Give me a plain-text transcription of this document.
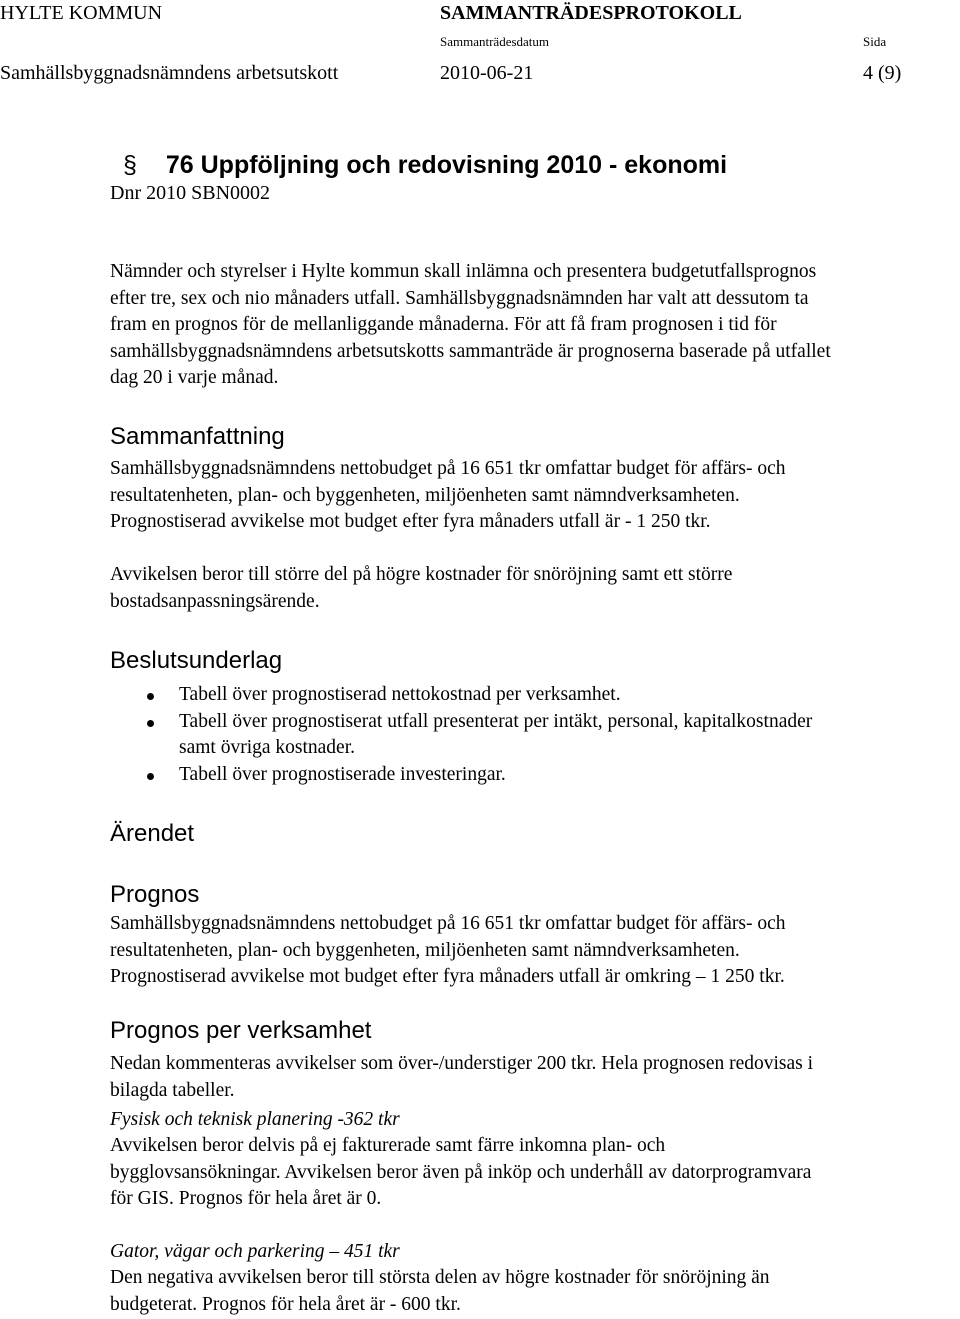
HYLTE KOMMUN	SAMMANTRÄDESPROTOKOLL
Sammanträdesdatum	Sida
Samhällsbyggnadsnämndens arbetsutskott	2010-06-21	4 (9)
§ 76 Uppföljning och redovisning 2010 - ekonomi
Dnr 2010 SBN0002

Nämnder och styrelser i Hylte kommun skall inlämna och presentera budgetutfallsprognos

efter tre, sex och nio månaders utfall. Samhällsbyggnadsnämnden har valt att dessutom ta

fram en prognos för de mellanliggande månaderna. För att få fram prognosen i tid för

samhällsbyggnadsnämndens arbetsutskotts sammanträde är prognoserna baserade på utfallet

dag 20 i varje månad.

Sammanfattning

Samhällsbyggnadsnämndens nettobudget på 16 651 tkr omfattar budget för affärs- och

resultatenheten, plan- och byggenheten, miljöenheten samt nämndverksamheten.

Prognostiserad avvikelse mot budget efter fyra månaders utfall är - 1 250 tkr.

Avvikelsen beror till större del på högre kostnader för snöröjning samt ett större

bostadsanpassningsärende.

Beslutsunderlag
Tabell över prognostiserad nettokostnad per verksamhet.
Tabell över prognostiserat utfall presenterat per intäkt, personal, kapitalkostnader
samt övriga kostnader.
Tabell över prognostiserade investeringar.
Ärendet
Prognos

Samhällsbyggnadsnämndens nettobudget på 16 651 tkr omfattar budget för affärs- och

resultatenheten, plan- och byggenheten, miljöenheten samt nämndverksamheten.

Prognostiserad avvikelse mot budget efter fyra månaders utfall är omkring – 1 250 tkr.

Prognos per verksamhet

Nedan kommenteras avvikelser som över-/understiger 200 tkr. Hela prognosen redovisas i

bilagda tabeller.

Fysisk och teknisk planering -362 tkr

Avvikelsen beror delvis på ej fakturerade samt färre inkomna plan- och

bygglovsansökningar. Avvikelsen beror även på inköp och underhåll av datorprogramvara

för GIS. Prognos för hela året är 0.

Gator, vägar och parkering – 451 tkr

Den negativa avvikelsen beror till största delen av högre kostnader för snöröjning än

budgeterat. Prognos för hela året är - 600 tkr.
